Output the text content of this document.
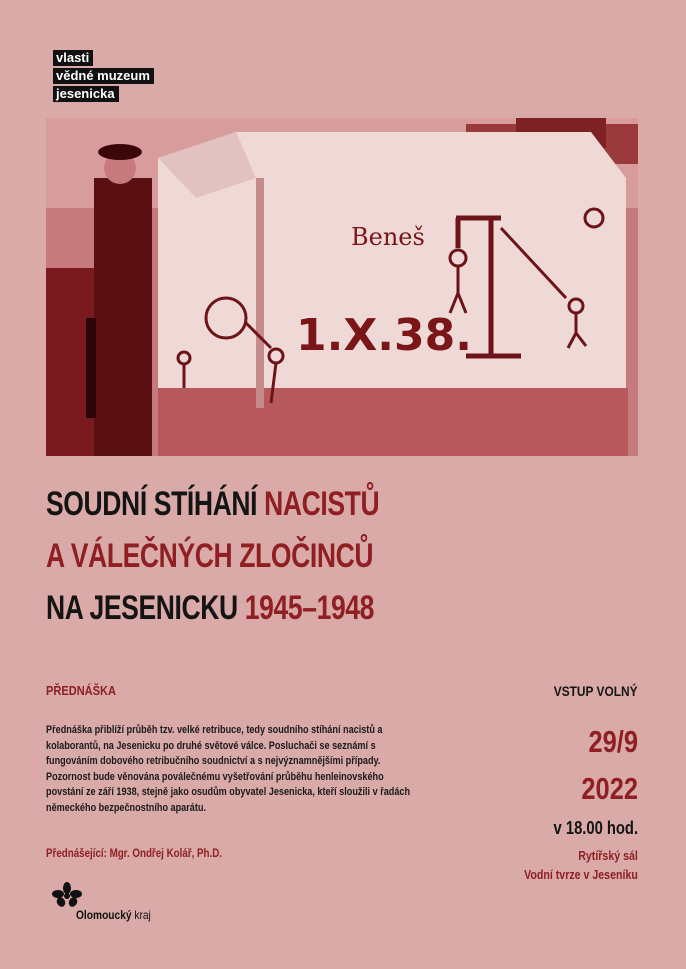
vlasti
vědné muzeum
jesenicka
Beneš
1.X.38.
SOUDNÍ STÍHÁNÍ NACISTŮ
A VÁLEČNÝCH ZLOČINCŮ
NA JESENICKU 1945–1948
PŘEDNÁŠKA
Přednáška přiblíží průběh tzv. velké retribuce, tedy soudního stíhání nacistů a kolaborantů, na Jesenicku po druhé světové válce. Posluchači se seznámí s fungováním dobového retribučního soudnictví a s nejvýznamnějšími případy. Pozornost bude věnována poválečnému vyšetřování průběhu henleinovského povstání ze září 1938, stejně jako osudům obyvatel Jesenicka, kteří sloužili v řadách německého bezpečnostního aparátu.
Přednášející: Mgr. Ondřej Kolář, Ph.D.
VSTUP VOLNÝ
29/9
2022
v 18.00 hod.
Rytířský sál
Vodní tvrze v Jeseníku
Olomoucký kraj
